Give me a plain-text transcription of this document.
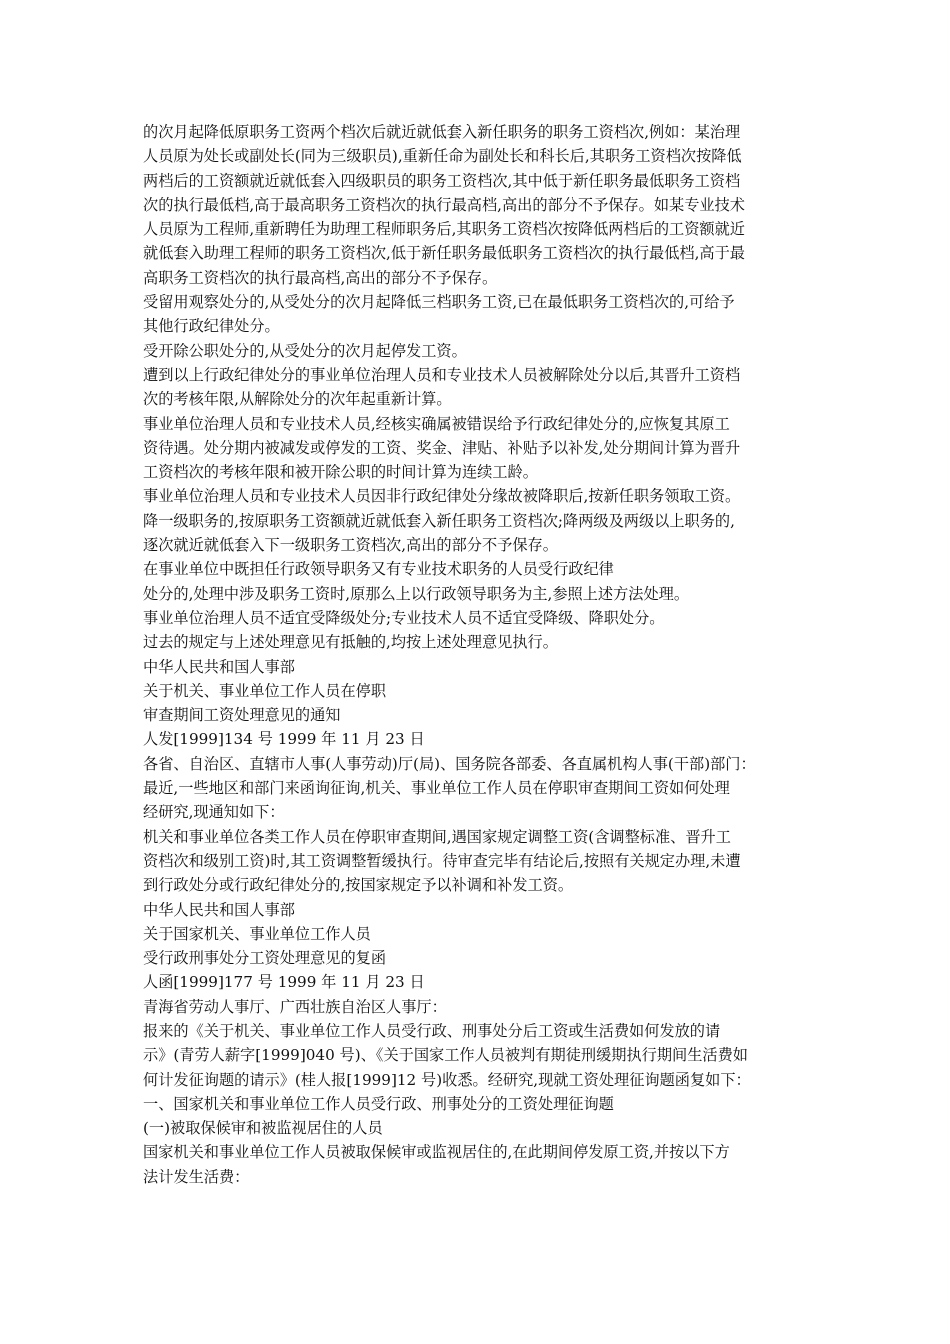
的次月起降低原职务工资两个档次后就近就低套入新任职务的职务工资档次,例如：某治理
人员原为处长或副处长(同为三级职员),重新任命为副处长和科长后,其职务工资档次按降低
两档后的工资额就近就低套入四级职员的职务工资档次,其中低于新任职务最低职务工资档
次的执行最低档,高于最高职务工资档次的执行最高档,高出的部分不予保存。如某专业技术
人员原为工程师,重新聘任为助理工程师职务后,其职务工资档次按降低两档后的工资额就近
就低套入助理工程师的职务工资档次,低于新任职务最低职务工资档次的执行最低档,高于最
高职务工资档次的执行最高档,高出的部分不予保存。
受留用观察处分的,从受处分的次月起降低三档职务工资,已在最低职务工资档次的,可给予
其他行政纪律处分。
受开除公职处分的,从受处分的次月起停发工资。
遭到以上行政纪律处分的事业单位治理人员和专业技术人员被解除处分以后,其晋升工资档
次的考核年限,从解除处分的次年起重新计算。
事业单位治理人员和专业技术人员,经核实确属被错误给予行政纪律处分的,应恢复其原工
资待遇。处分期内被减发或停发的工资、奖金、津贴、补贴予以补发,处分期间计算为晋升
工资档次的考核年限和被开除公职的时间计算为连续工龄。
事业单位治理人员和专业技术人员因非行政纪律处分缘故被降职后,按新任职务领取工资。
降一级职务的,按原职务工资额就近就低套入新任职务工资档次;降两级及两级以上职务的,
逐次就近就低套入下一级职务工资档次,高出的部分不予保存。
在事业单位中既担任行政领导职务又有专业技术职务的人员受行政纪律
处分的,处理中涉及职务工资时,原那么上以行政领导职务为主,参照上述方法处理。
事业单位治理人员不适宜受降级处分;专业技术人员不适宜受降级、降职处分。
过去的规定与上述处理意见有抵触的,均按上述处理意见执行。
中华人民共和国人事部
关于机关、事业单位工作人员在停职
审查期间工资处理意见的通知
人发[1999]134 号 1999 年 11 月 23 日
各省、自治区、直辖市人事(人事劳动)厅(局)、国务院各部委、各直属机构人事(干部)部门：
最近,一些地区和部门来函询征询,机关、事业单位工作人员在停职审查期间工资如何处理
经研究,现通知如下：
机关和事业单位各类工作人员在停职审查期间,遇国家规定调整工资(含调整标准、晋升工
资档次和级别工资)时,其工资调整暂缓执行。待审查完毕有结论后,按照有关规定办理,未遭
到行政处分或行政纪律处分的,按国家规定予以补调和补发工资。
中华人民共和国人事部
关于国家机关、事业单位工作人员
受行政刑事处分工资处理意见的复函
人函[1999]177 号 1999 年 11 月 23 日
青海省劳动人事厅、广西壮族自治区人事厅：
报来的《关于机关、事业单位工作人员受行政、刑事处分后工资或生活费如何发放的请
示》(青劳人薪字[1999]040 号)、《关于国家工作人员被判有期徒刑缓期执行期间生活费如
何计发征询题的请示》(桂人报[1999]12 号)收悉。经研究,现就工资处理征询题函复如下：
一、国家机关和事业单位工作人员受行政、刑事处分的工资处理征询题
(一)被取保候审和被监视居住的人员
国家机关和事业单位工作人员被取保候审或监视居住的,在此期间停发原工资,并按以下方
法计发生活费：
